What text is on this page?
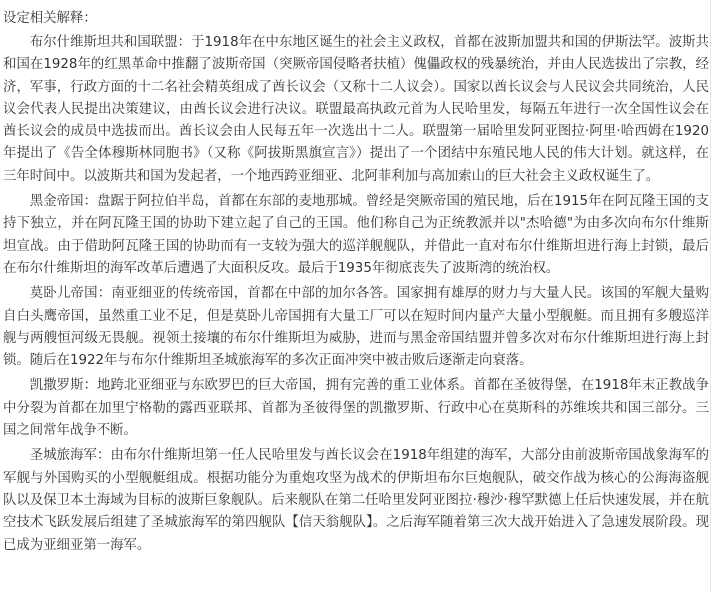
设定相关解释：

布尔什维斯坦共和国联盟：于1918年在中东地区诞生的社会主义政权，首都在波斯加盟共和国的伊斯法罕。波斯共和国在1928年的红黑革命中推翻了波斯帝国（突厥帝国侵略者扶植）傀儡政权的残暴统治，并由人民选拔出了宗教，经济，军事，行政方面的十二名社会精英组成了酋长议会（又称十二人议会）。国家以酋长议会与人民议会共同统治，人民议会代表人民提出决策建议，由酋长议会进行决议。联盟最高执政元首为人民哈里发，每隔五年进行一次全国性议会在酋长议会的成员中选拔而出。酋长议会由人民每五年一次选出十二人。联盟第一届哈里发阿亚图拉·阿里·哈西姆在1920年提出了《告全体穆斯林同胞书》（又称《阿拔斯黑旗宣言》）提出了一个团结中东殖民地人民的伟大计划。就这样，在三年时间中。以波斯共和国为发起者，一个地西跨亚细亚、北阿菲利加与高加索山的巨大社会主义政权诞生了。

黑金帝国：盘踞于阿拉伯半岛，首都在东部的麦地那城。曾经是突厥帝国的殖民地，后在1915年在阿瓦隆王国的支持下独立，并在阿瓦隆王国的协助下建立起了自己的王国。他们称自己为正统教派并以"杰哈德"为由多次向布尔什维斯坦宣战。由于借助阿瓦隆王国的协助而有一支较为强大的巡洋舰舰队，并借此一直对布尔什维斯坦进行海上封锁，最后在布尔什维斯坦的海军改革后遭遇了大面积反攻。最后于1935年彻底丧失了波斯湾的统治权。

莫卧儿帝国：南亚细亚的传统帝国，首都在中部的加尔各答。国家拥有雄厚的财力与大量人民。该国的军舰大量购自白头鹰帝国，虽然重工业不足，但是莫卧儿帝国拥有大量工厂可以在短时间内量产大量小型舰艇。而且拥有多艘巡洋舰与两艘恒河级无畏舰。视领土接壤的布尔什维斯坦为威胁，进而与黑金帝国结盟并曾多次对布尔什维斯坦进行海上封锁。随后在1922年与布尔什维斯坦圣城旅海军的多次正面冲突中被击败后逐渐走向衰落。

凯撒罗斯：地跨北亚细亚与东欧罗巴的巨大帝国，拥有完善的重工业体系。首都在圣彼得堡，在1918年末正教战争中分裂为首都在加里宁格勒的露西亚联邦、首都为圣彼得堡的凯撒罗斯、行政中心在莫斯科的苏维埃共和国三部分。三国之间常年战争不断。

圣城旅海军：由布尔什维斯坦第一任人民哈里发与酋长议会在1918年组建的海军，大部分由前波斯帝国战象海军的军舰与外国购买的小型舰艇组成。根据功能分为重炮攻坚为战术的伊斯坦布尔巨炮舰队，破交作战为核心的公海海盗舰队以及保卫本土海域为目标的波斯巨象舰队。后来舰队在第二任哈里发阿亚图拉·穆沙·穆罕默德上任后快速发展，并在航空技术飞跃发展后组建了圣城旅海军的第四舰队【信天翁舰队】。之后海军随着第三次大战开始进入了急速发展阶段。现已成为亚细亚第一海军。
